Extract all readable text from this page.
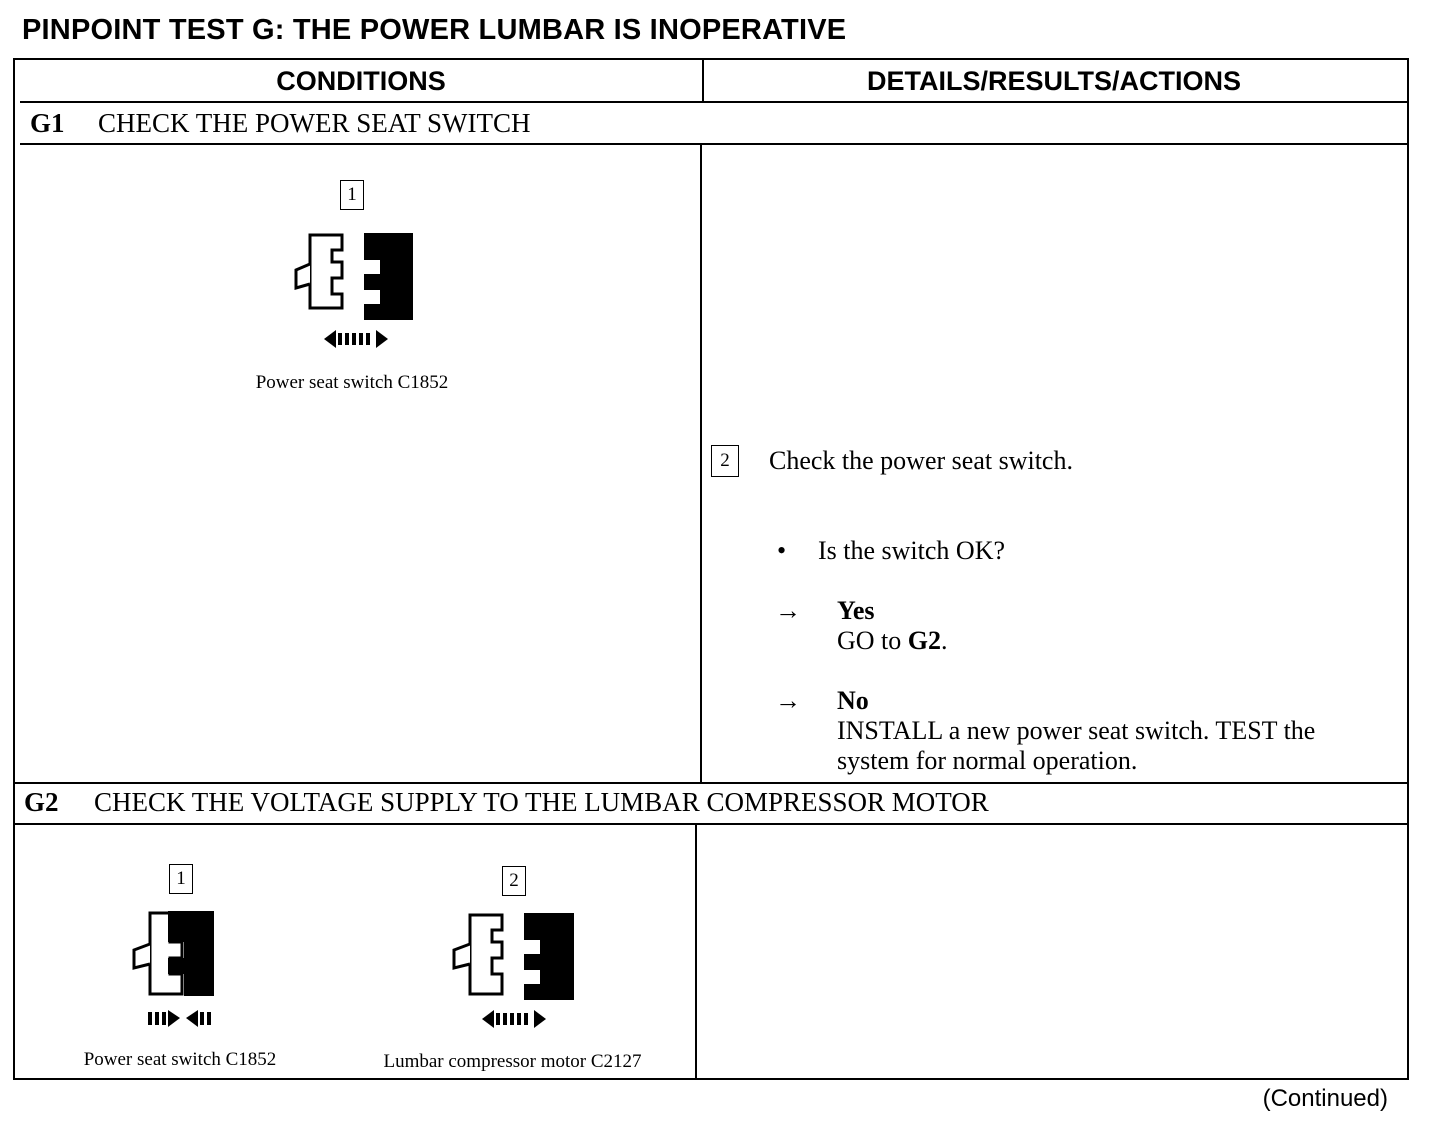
PINPOINT TEST G: THE POWER LUMBAR IS INOPERATIVE
CONDITIONS	DETAILS/RESULTS/ACTIONS
G1 CHECK THE POWER SEAT SWITCH
1
Power seat switch C1852
2	Check the power seat switch.
• Is the switch OK?
→ Yes
GO to G2.
→ No
INSTALL a new power seat switch. TEST the
system for normal operation.
G2 CHECK THE VOLTAGE SUPPLY TO THE LUMBAR COMPRESSOR MOTOR
1
Power seat switch C1852
2
Lumbar compressor motor C2127
(Continued)
